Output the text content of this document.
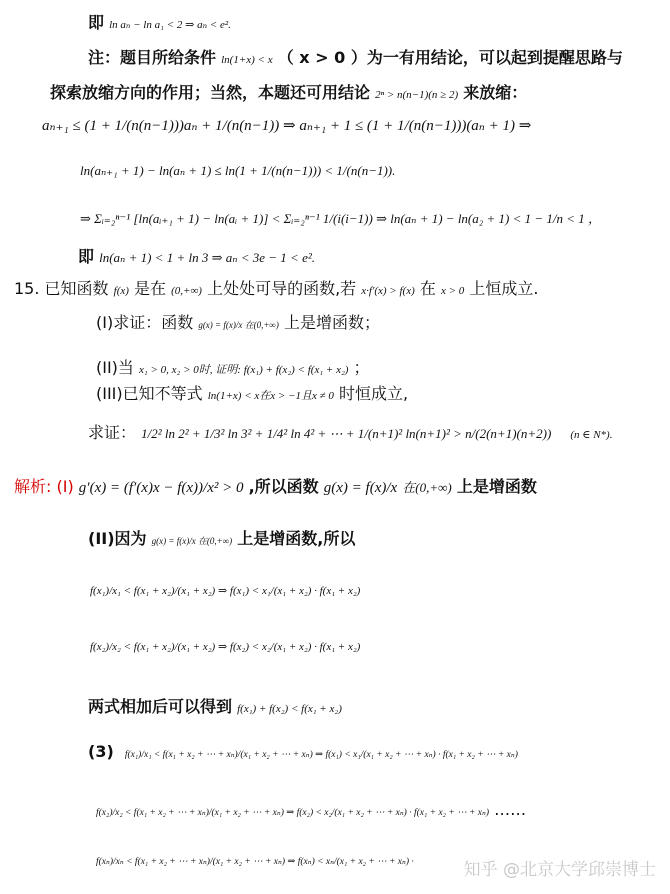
即 ln aₙ − ln a₁ < 2 ⇒ aₙ < e².
注：题目所给条件 ln(1+x) < x （ x > 0 ）为一有用结论，可以起到提醒思路与
探索放缩方向的作用；当然，本题还可用结论 2ⁿ > n(n−1)(n ≥ 2) 来放缩：
aₙ₊₁ ≤ (1 + 1/(n(n−1)))aₙ + 1/(n(n−1)) ⇒ aₙ₊₁ + 1 ≤ (1 + 1/(n(n−1)))(aₙ + 1) ⇒
ln(aₙ₊₁ + 1) − ln(aₙ + 1) ≤ ln(1 + 1/(n(n−1))) < 1/(n(n−1)).
⇒ Σᵢ₌₂ⁿ⁻¹ [ln(aᵢ₊₁ + 1) − ln(aᵢ + 1)] < Σᵢ₌₂ⁿ⁻¹ 1/(i(i−1)) ⇒ ln(aₙ + 1) − ln(a₂ + 1) < 1 − 1/n < 1 ，
即 ln(aₙ + 1) < 1 + ln 3 ⇒ aₙ < 3e − 1 < e².
15. 已知函数 f(x) 是在 (0,+∞) 上处处可导的函数,若 x·f′(x) > f(x) 在 x > 0 上恒成立.
(I)求证：函数 g(x) = f(x)/x 在(0,+∞) 上是增函数；
(II)当 x₁ > 0, x₂ > 0时, 证明: f(x₁) + f(x₂) < f(x₁ + x₂) ；
(III)已知不等式 ln(1+x) < x在x > −1且x ≠ 0 时恒成立,
求证： 1/2² ln 2² + 1/3² ln 3² + 1/4² ln 4² + ⋯ + 1/(n+1)² ln(n+1)² > n/(2(n+1)(n+2)) (n ∈ N*).
解析: (I) g′(x) = (f′(x)x − f(x))/x² > 0 ,所以函数 g(x) = f(x)/x 在(0,+∞) 上是增函数
(II)因为 g(x) = f(x)/x 在(0,+∞) 上是增函数,所以
f(x₁)/x₁ < f(x₁ + x₂)/(x₁ + x₂) ⇒ f(x₁) < x₁/(x₁ + x₂) · f(x₁ + x₂)
f(x₂)/x₂ < f(x₁ + x₂)/(x₁ + x₂) ⇒ f(x₂) < x₂/(x₁ + x₂) · f(x₁ + x₂)
两式相加后可以得到 f(x₁) + f(x₂) < f(x₁ + x₂)
(3) f(x₁)/x₁ < f(x₁ + x₂ + ⋯ + xₙ)/(x₁ + x₂ + ⋯ + xₙ) ⇒ f(x₁) < x₁/(x₁ + x₂ + ⋯ + xₙ) · f(x₁ + x₂ + ⋯ + xₙ)
f(x₂)/x₂ < f(x₁ + x₂ + ⋯ + xₙ)/(x₁ + x₂ + ⋯ + xₙ) ⇒ f(x₂) < x₂/(x₁ + x₂ + ⋯ + xₙ) · f(x₁ + x₂ + ⋯ + xₙ) ……
f(xₙ)/xₙ < f(x₁ + x₂ + ⋯ + xₙ)/(x₁ + x₂ + ⋯ + xₙ) ⇒ f(xₙ) < xₙ/(x₁ + x₂ + ⋯ + xₙ) ·	知乎 @北京大学邱崇博士
